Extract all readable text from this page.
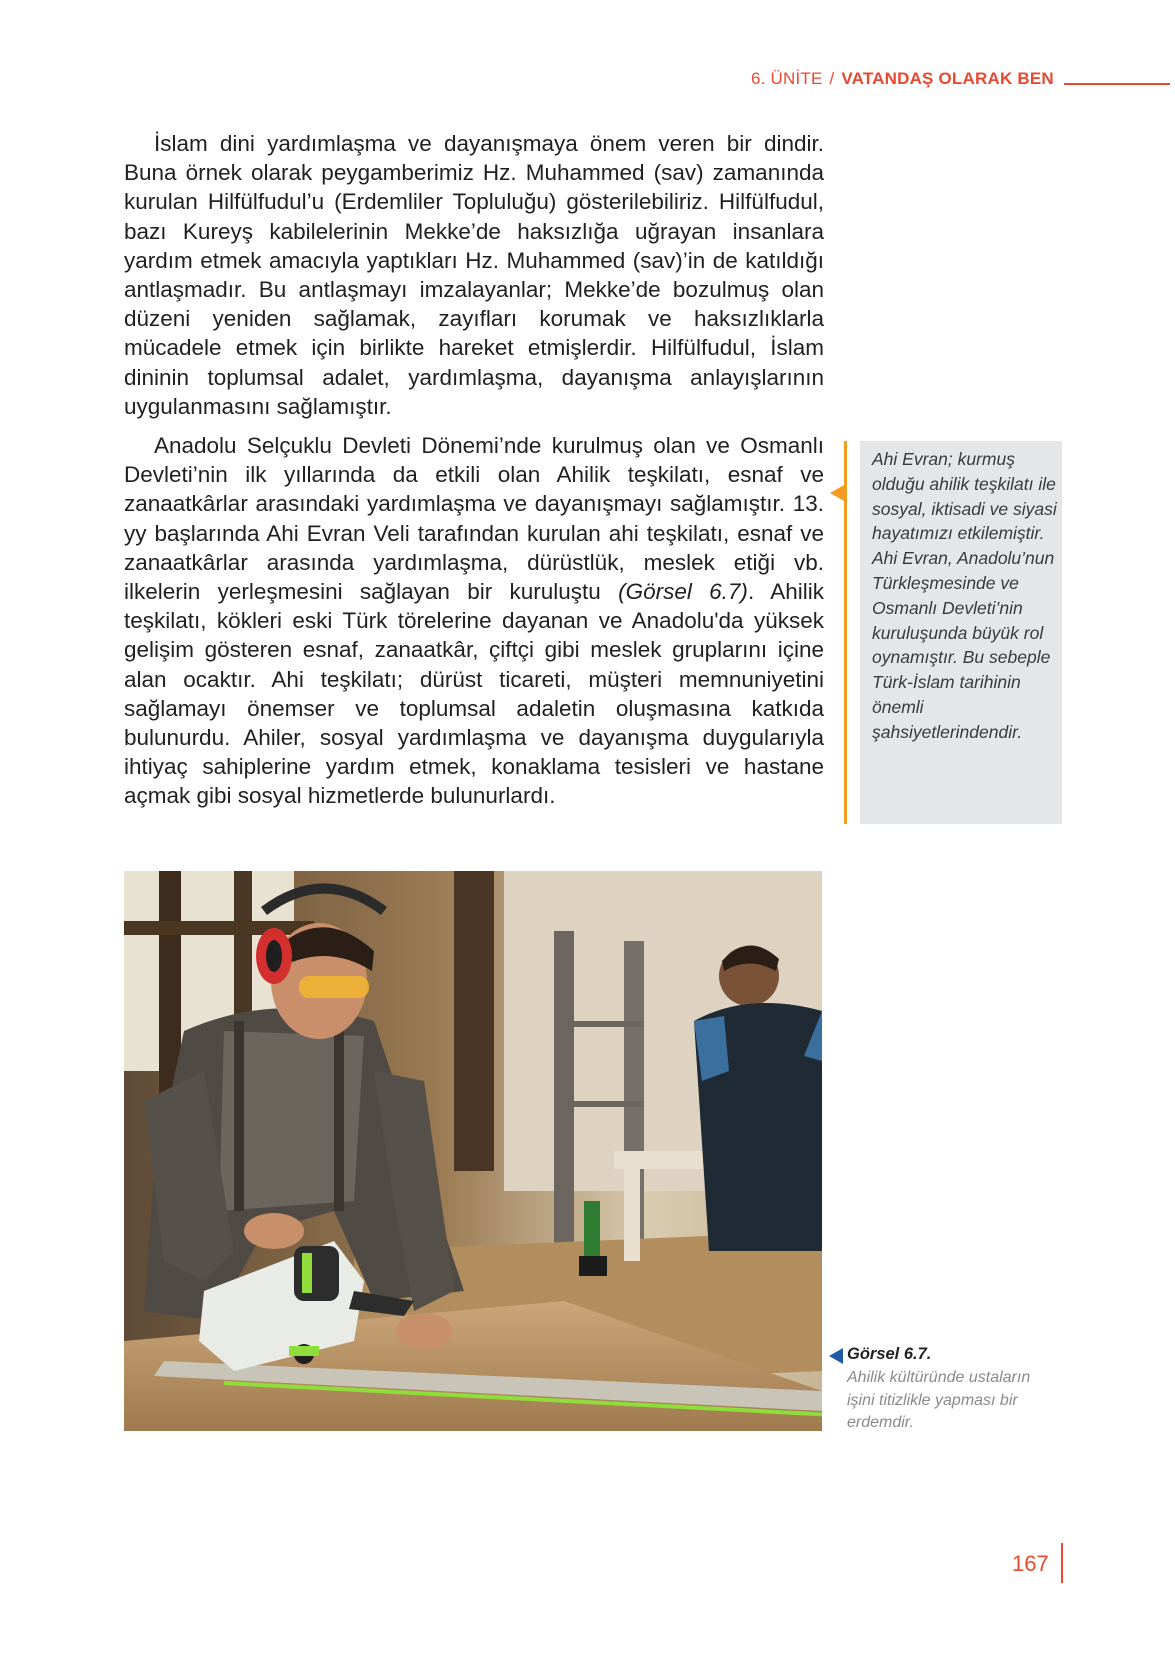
6. ÜNİTE / VATANDAŞ OLARAK BEN

İslam dini yardımlaşma ve dayanışmaya önem veren bir dindir. Buna örnek olarak peygamberimiz Hz. Muhammed (sav) zamanında kurulan Hilfülfudul’u (Erdemliler Topluluğu) gösterilebiliriz. Hilfülfudul, bazı Kureyş kabilelerinin Mekke’de haksızlığa uğrayan insanlara yardım etmek amacıyla yaptıkları Hz. Muhammed (sav)’in de katıldığı antlaşmadır. Bu antlaşmayı imzalayanlar; Mekke’de bozulmuş olan düzeni yeniden sağlamak, zayıfları korumak ve haksızlıklarla mücadele etmek için birlikte hareket etmişlerdir. Hilfülfudul, İslam dininin toplumsal adalet, yardımlaşma, dayanışma anlayışlarının uygulanmasını sağlamıştır.

Anadolu Selçuklu Devleti Dönemi’nde kurulmuş olan ve Osmanlı Devleti’nin ilk yıllarında da etkili olan Ahilik teşkilatı, esnaf ve zanaatkârlar arasındaki yardımlaşma ve dayanışmayı sağlamıştır. 13. yy başlarında Ahi Evran Veli tarafından kurulan ahi teşkilatı, esnaf ve zanaatkârlar arasında yardımlaşma, dürüstlük, meslek etiği vb. ilkelerin yerleşmesini sağlayan bir kuruluştu (Görsel 6.7). Ahilik teşkilatı, kökleri eski Türk törelerine dayanan ve Anadolu'da yüksek gelişim gösteren esnaf, zanaatkâr, çiftçi gibi meslek gruplarını içine alan ocaktır. Ahi teşkilatı; dürüst ticareti, müşteri memnuniyetini sağlamayı önemser ve toplumsal adaletin oluşmasına katkıda bulunurdu. Ahiler, sosyal yardımlaşma ve dayanışma duygularıyla ihtiyaç sahiplerine yardım etmek, konaklama tesisleri ve hastane açmak gibi sosyal hizmetlerde bulunurlardı.

Ahi Evran; kurmuş olduğu ahilik teşkilatı ile sosyal, iktisadi ve siyasi hayatımızı etkilemiştir. Ahi Evran, Anadolu’nun Türkleşmesinde ve Osmanlı Devleti’nin kuruluşunda büyük rol oynamıştır. Bu sebeple Türk-İslam tarihinin önemli şahsiyetlerindendir.

Görsel 6.7.

Ahilik kültüründe ustaların işini titizlikle yapması bir erdemdir.

167
